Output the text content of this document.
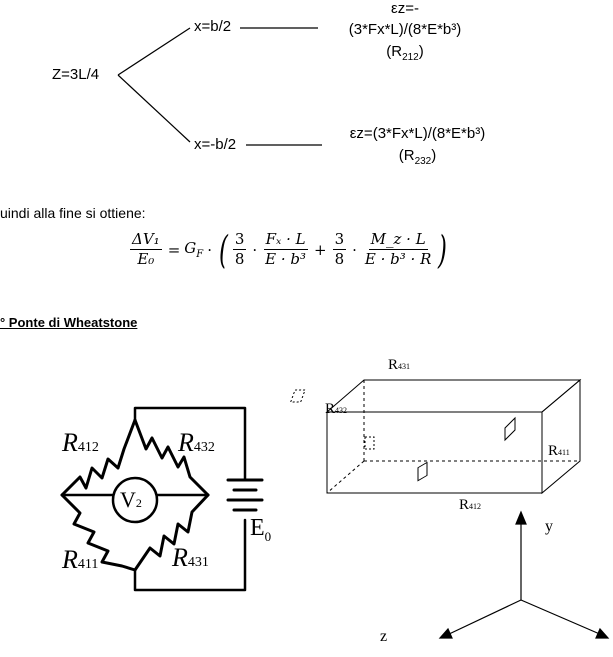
Z=3L/4
x=b/2
εz=-
(3*Fx*L)/(8*E*b³)
$(R_{212})$
x=-b/2
εz=(3*Fx*L)/(8*E*b³)
$(R_{232})$
uindi alla fine si ottiene:
$\frac{\text{ΔV₁}}{\text{E₀}} = G_F$ · ( $\frac{3}{8} \cdot \frac{\text{Fₓ · L}}{\text{E · b³}} + \frac{3}{8} \cdot \frac{M\_z \cdot L}{\text{E · b³ · R}}$ )
° Ponte di Wheatstone
R412	R432
R411	R431
V2
$E_0$
R431
R432
R411
R412
y
z
